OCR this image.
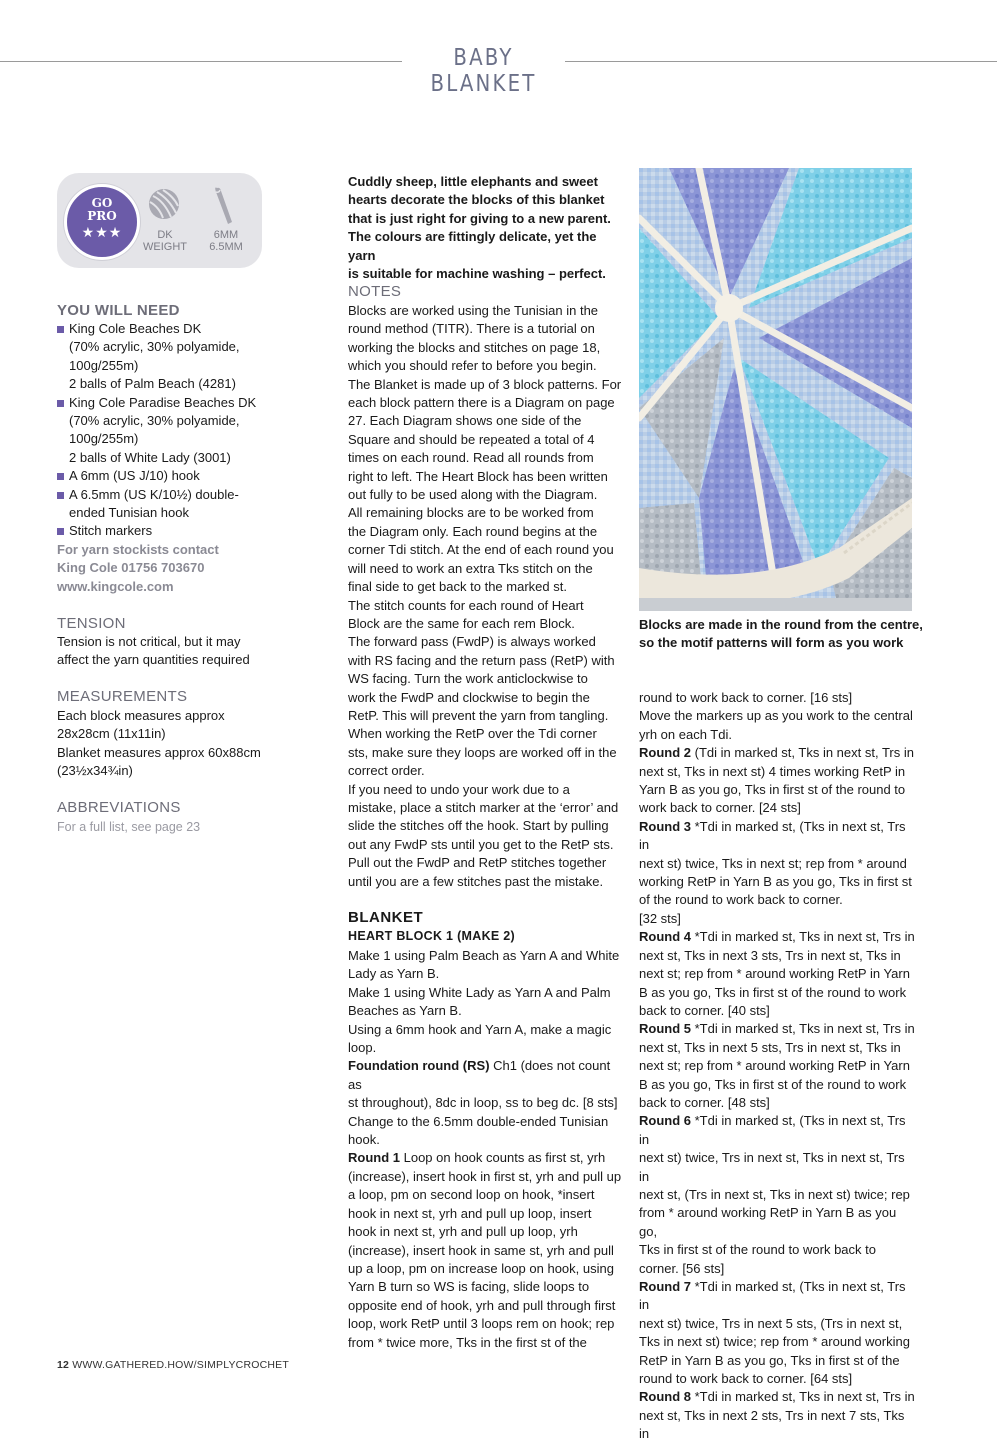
BABY BLANKET
GO
PRO
★★★	DK
WEIGHT
6MM
6.5MM
YOU WILL NEED
King Cole Beaches DK
(70% acrylic, 30% polyamide,
100g/255m)
2 balls of Palm Beach (4281)
King Cole Paradise Beaches DK
(70% acrylic, 30% polyamide,
100g/255m)
2 balls of White Lady (3001)
A 6mm (US J/10) hook
A 6.5mm (US K/10½) double-
ended Tunisian hook
Stitch markers
For yarn stockists contact
King Cole 01756 703670
www.kingcole.com
TENSION
Tension is not critical, but it may
affect the yarn quantities required
MEASUREMENTS
Each block measures approx
28x28cm (11x11in)
Blanket measures approx 60x88cm
(23½x34¾in)
ABBREVIATIONS
For a full list, see page 23
Cuddly sheep, little elephants and sweet
hearts decorate the blocks of this blanket
that is just right for giving to a new parent.
The colours are fittingly delicate, yet the yarn
is suitable for machine washing – perfect.
NOTES
Blocks are worked using the Tunisian in the
round method (TITR). There is a tutorial on
working the blocks and stitches on page 18,
which you should refer to before you begin.
The Blanket is made up of 3 block patterns. For
each block pattern there is a Diagram on page
27. Each Diagram shows one side of the
Square and should be repeated a total of 4
times on each round. Read all rounds from
right to left. The Heart Block has been written
out fully to be used along with the Diagram.
All remaining blocks are to be worked from
the Diagram only. Each round begins at the
corner Tdi stitch. At the end of each round you
will need to work an extra Tks stitch on the
final side to get back to the marked st.
The stitch counts for each round of Heart
Block are the same for each rem Block.
The forward pass (FwdP) is always worked
with RS facing and the return pass (RetP) with
WS facing. Turn the work anticlockwise to
work the FwdP and clockwise to begin the
RetP. This will prevent the yarn from tangling.
When working the RetP over the Tdi corner
sts, make sure they loops are worked off in the
correct order.
If you need to undo your work due to a
mistake, place a stitch marker at the ‘error’ and
slide the stitches off the hook. Start by pulling
out any FwdP sts until you get to the RetP sts.
Pull out the FwdP and RetP stitches together
until you are a few stitches past the mistake.
BLANKET
HEART BLOCK 1 (MAKE 2)
Make 1 using Palm Beach as Yarn A and White
Lady as Yarn B.
Make 1 using White Lady as Yarn A and Palm
Beaches as Yarn B.
Using a 6mm hook and Yarn A, make a magic
loop.
Foundation round (RS) Ch1 (does not count as
st throughout), 8dc in loop, ss to beg dc. [8 sts]
Change to the 6.5mm double-ended Tunisian
hook.
Round 1 Loop on hook counts as first st, yrh
(increase), insert hook in first st, yrh and pull up
a loop, pm on second loop on hook, *insert
hook in next st, yrh and pull up loop, insert
hook in next st, yrh and pull up loop, yrh
(increase), insert hook in same st, yrh and pull
up a loop, pm on increase loop on hook, using
Yarn B turn so WS is facing, slide loops to
opposite end of hook, yrh and pull through first
loop, work RetP until 3 loops rem on hook; rep
from * twice more, Tks in the first st of the
Blocks are made in the round from the centre,
so the motif patterns will form as you work
round to work back to corner. [16 sts]
Move the markers up as you work to the central
yrh on each Tdi.
Round 2 (Tdi in marked st, Tks in next st, Trs in
next st, Tks in next st) 4 times working RetP in
Yarn B as you go, Tks in first st of the round to
work back to corner. [24 sts]
Round 3 *Tdi in marked st, (Tks in next st, Trs in
next st) twice, Tks in next st; rep from * around
working RetP in Yarn B as you go, Tks in first st
of the round to work back to corner.
[32 sts]
Round 4 *Tdi in marked st, Tks in next st, Trs in
next st, Tks in next 3 sts, Trs in next st, Tks in
next st; rep from * around working RetP in Yarn
B as you go, Tks in first st of the round to work
back to corner. [40 sts]
Round 5 *Tdi in marked st, Tks in next st, Trs in
next st, Tks in next 5 sts, Trs in next st, Tks in
next st; rep from * around working RetP in Yarn
B as you go, Tks in first st of the round to work
back to corner. [48 sts]
Round 6 *Tdi in marked st, (Tks in next st, Trs in
next st) twice, Trs in next st, Tks in next st, Trs in
next st, (Trs in next st, Tks in next st) twice; rep
from * around working RetP in Yarn B as you go,
Tks in first st of the round to work back to
corner. [56 sts]
Round 7 *Tdi in marked st, (Tks in next st, Trs in
next st) twice, Trs in next 5 sts, (Trs in next st,
Tks in next st) twice; rep from * around working
RetP in Yarn B as you go, Tks in first st of the
round to work back to corner. [64 sts]
Round 8 *Tdi in marked st, Tks in next st, Trs in
next st, Tks in next 2 sts, Trs in next 7 sts, Tks in
12 WWW.GATHERED.HOW/SIMPLYCROCHET
